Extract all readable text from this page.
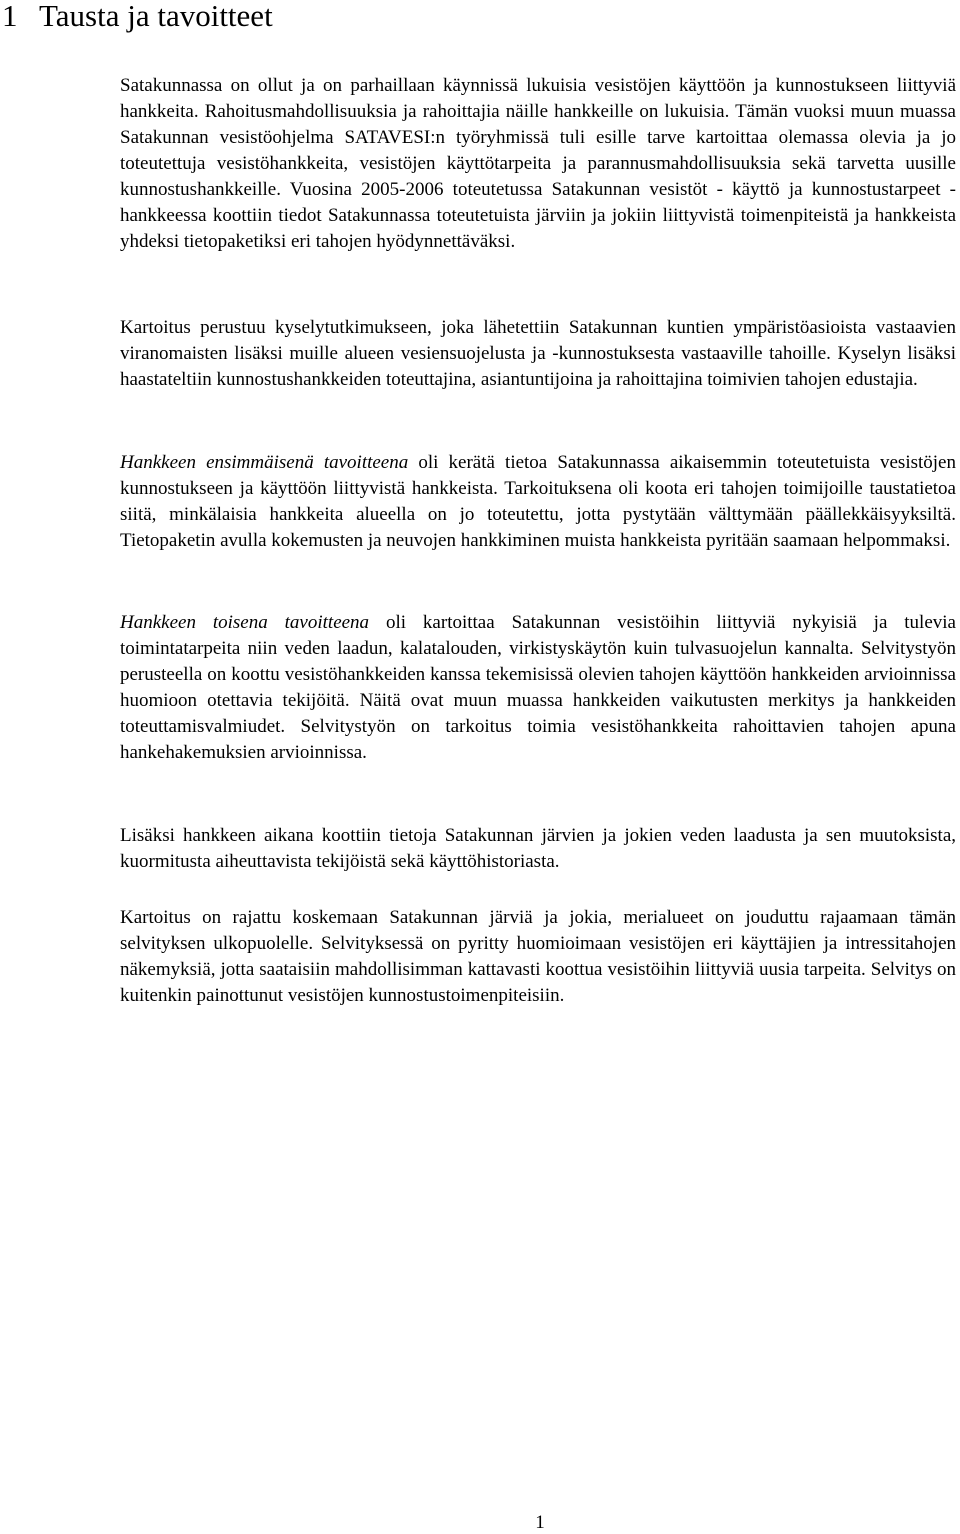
1 Tausta ja tavoitteet

Satakunnassa on ollut ja on parhaillaan käynnissä lukuisia vesistöjen käyttöön ja kunnostukseen liittyviä hankkeita. Rahoitusmahdollisuuksia ja rahoittajia näille hankkeille on lukuisia. Tämän vuoksi muun muassa Satakunnan vesistöohjelma SATAVESI:n työryhmissä tuli esille tarve kartoittaa olemassa olevia ja jo toteutettuja vesistöhankkeita, vesistöjen käyttötarpeita ja parannusmahdollisuuksia sekä tarvetta uusille kunnostushankkeille. Vuosina 2005-2006 toteutetussa Satakunnan vesistöt - käyttö ja kunnostustarpeet - hankkeessa koottiin tiedot Satakunnassa toteutetuista järviin ja jokiin liittyvistä toimenpiteistä ja hankkeista yhdeksi tietopaketiksi eri tahojen hyödynnettäväksi.

Kartoitus perustuu kyselytutkimukseen, joka lähetettiin Satakunnan kuntien ympäristöasioista vastaavien viranomaisten lisäksi muille alueen vesiensuojelusta ja -kunnostuksesta vastaaville tahoille. Kyselyn lisäksi haastateltiin kunnostushankkeiden toteuttajina, asiantuntijoina ja rahoittajina toimivien tahojen edustajia.

Hankkeen ensimmäisenä tavoitteena oli kerätä tietoa Satakunnassa aikaisemmin toteutetuista vesistöjen kunnostukseen ja käyttöön liittyvistä hankkeista. Tarkoituksena oli koota eri tahojen toimijoille taustatietoa siitä, minkälaisia hankkeita alueella on jo toteutettu, jotta pystytään välttymään päällekkäisyyksiltä. Tietopaketin avulla kokemusten ja neuvojen hankkiminen muista hankkeista pyritään saamaan helpommaksi.

Hankkeen toisena tavoitteena oli kartoittaa Satakunnan vesistöihin liittyviä nykyisiä ja tulevia toimintatarpeita niin veden laadun, kalatalouden, virkistyskäytön kuin tulvasuojelun kannalta. Selvitystyön perusteella on koottu vesistöhankkeiden kanssa tekemisissä olevien tahojen käyttöön hankkeiden arvioinnissa huomioon otettavia tekijöitä. Näitä ovat muun muassa hankkeiden vaikutusten merkitys ja hankkeiden toteuttamisvalmiudet. Selvitystyön on tarkoitus toimia vesistöhankkeita rahoittavien tahojen apuna hankehakemuksien arvioinnissa.

Lisäksi hankkeen aikana koottiin tietoja Satakunnan järvien ja jokien veden laadusta ja sen muutoksista, kuormitusta aiheuttavista tekijöistä sekä käyttöhistoriasta.

Kartoitus on rajattu koskemaan Satakunnan järviä ja jokia, merialueet on jouduttu rajaamaan tämän selvityksen ulkopuolelle. Selvityksessä on pyritty huomioimaan vesistöjen eri käyttäjien ja intressitahojen näkemyksiä, jotta saataisiin mahdollisimman kattavasti koottua vesistöihin liittyviä uusia tarpeita. Selvitys on kuitenkin painottunut vesistöjen kunnostustoimenpiteisiin.

1
